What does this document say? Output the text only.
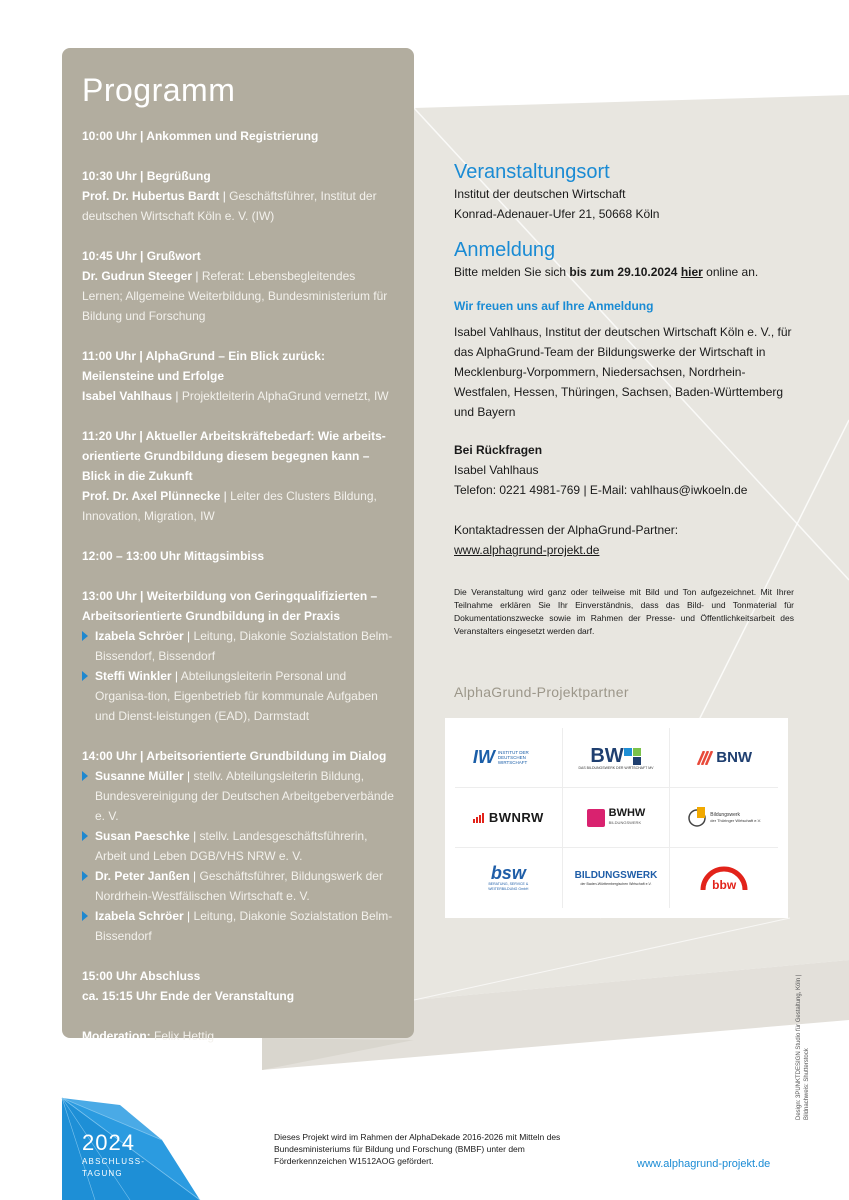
Programm
10:00 Uhr | Ankommen und Registrierung
10:30 Uhr | Begrüßung
Prof. Dr. Hubertus Bardt | Geschäftsführer, Institut der deutschen Wirtschaft Köln e. V. (IW)
10:45 Uhr | Grußwort
Dr. Gudrun Steeger | Referat: Lebensbegleitendes Lernen; Allgemeine Weiterbildung, Bundesministerium für Bildung und Forschung
11:00 Uhr | AlphaGrund – Ein Blick zurück: Meilensteine und Erfolge
Isabel Vahlhaus | Projektleiterin AlphaGrund vernetzt, IW
11:20 Uhr | Aktueller Arbeitskräftebedarf: Wie arbeits-orientierte Grundbildung diesem begegnen kann – Blick in die Zukunft
Prof. Dr. Axel Plünnecke | Leiter des Clusters Bildung, Innovation, Migration, IW
12:00 – 13:00 Uhr Mittagsimbiss
13:00 Uhr | Weiterbildung von Geringqualifizierten – Arbeitsorientierte Grundbildung in der Praxis
Izabela Schröer | Leitung, Diakonie Sozialstation Belm-Bissendorf, Bissendorf
Steffi Winkler | Abteilungsleiterin Personal und Organisa-tion, Eigenbetrieb für kommunale Aufgaben und Dienst-leistungen (EAD), Darmstadt
14:00 Uhr | Arbeitsorientierte Grundbildung im Dialog
Susanne Müller | stellv. Abteilungsleiterin Bildung, Bundesvereinigung der Deutschen Arbeitgeberverbände e. V.
Susan Paeschke | stellv. Landesgeschäftsführerin, Arbeit und Leben DGB/VHS NRW e. V.
Dr. Peter Janßen | Geschäftsführer, Bildungswerk der Nordrhein-Westfälischen Wirtschaft e. V.
Izabela Schröer | Leitung, Diakonie Sozialstation Belm-Bissendorf
15:00 Uhr Abschluss
ca. 15:15 Uhr Ende der Veranstaltung
Moderation: Felix Hettig
Veranstaltungsort
Institut der deutschen Wirtschaft
Konrad-Adenauer-Ufer 21, 50668 Köln
Anmeldung
Bitte melden Sie sich bis zum 29.10.2024 hier online an.
Wir freuen uns auf Ihre Anmeldung
Isabel Vahlhaus, Institut der deutschen Wirtschaft Köln e. V., für das AlphaGrund-Team der Bildungswerke der Wirtschaft in Mecklenburg-Vorpommern, Niedersachsen, Nordrhein-Westfalen, Hessen, Thüringen, Sachsen, Baden-Württemberg und Bayern
Bei Rückfragen
Isabel Vahlhaus
Telefon: 0221 4981-769 | E-Mail: vahlhaus@iwkoeln.de
Kontaktadressen der AlphaGrund-Partner:
www.alphagrund-projekt.de
Die Veranstaltung wird ganz oder teilweise mit Bild und Ton aufgezeichnet. Mit Ihrer Teilnahme erklären Sie Ihr Einverständnis, dass das Bild- und Tonmaterial für Dokumentationszwecke sowie im Rahmen der Presse- und Öffentlichkeitsarbeit des Veranstalters eingesetzt werden darf.
AlphaGrund-Projektpartner
IW INSTITUT DER DEUTSCHEN WIRTSCHAFT	BW
DAS BILDUNGSWERK DER WIRTSCHAFT MV
BNW
BWNRW	BWHW
BILDUNGSWERK
Bildungswerk
der Thüringer Wirtschaft e.V.
bsw
BERATUNG, SERVICE & WEITERBILDUNG GmbH
BILDUNGSWERK
der Baden-Württembergischen Wirtschaft e.V.	bbw
Design: 3PUNKTDESIGN Studio für Gestaltung, Köln | Bildnachweis: Shutterstock
Dieses Projekt wird im Rahmen der AlphaDekade 2016-2026 mit Mitteln des Bundesministeriums für Bildung und Forschung (BMBF) unter dem Förderkennzeichen W1512AOG gefördert.	www.alphagrund-projekt.de
2024
ABSCHLUSS-
TAGUNG
